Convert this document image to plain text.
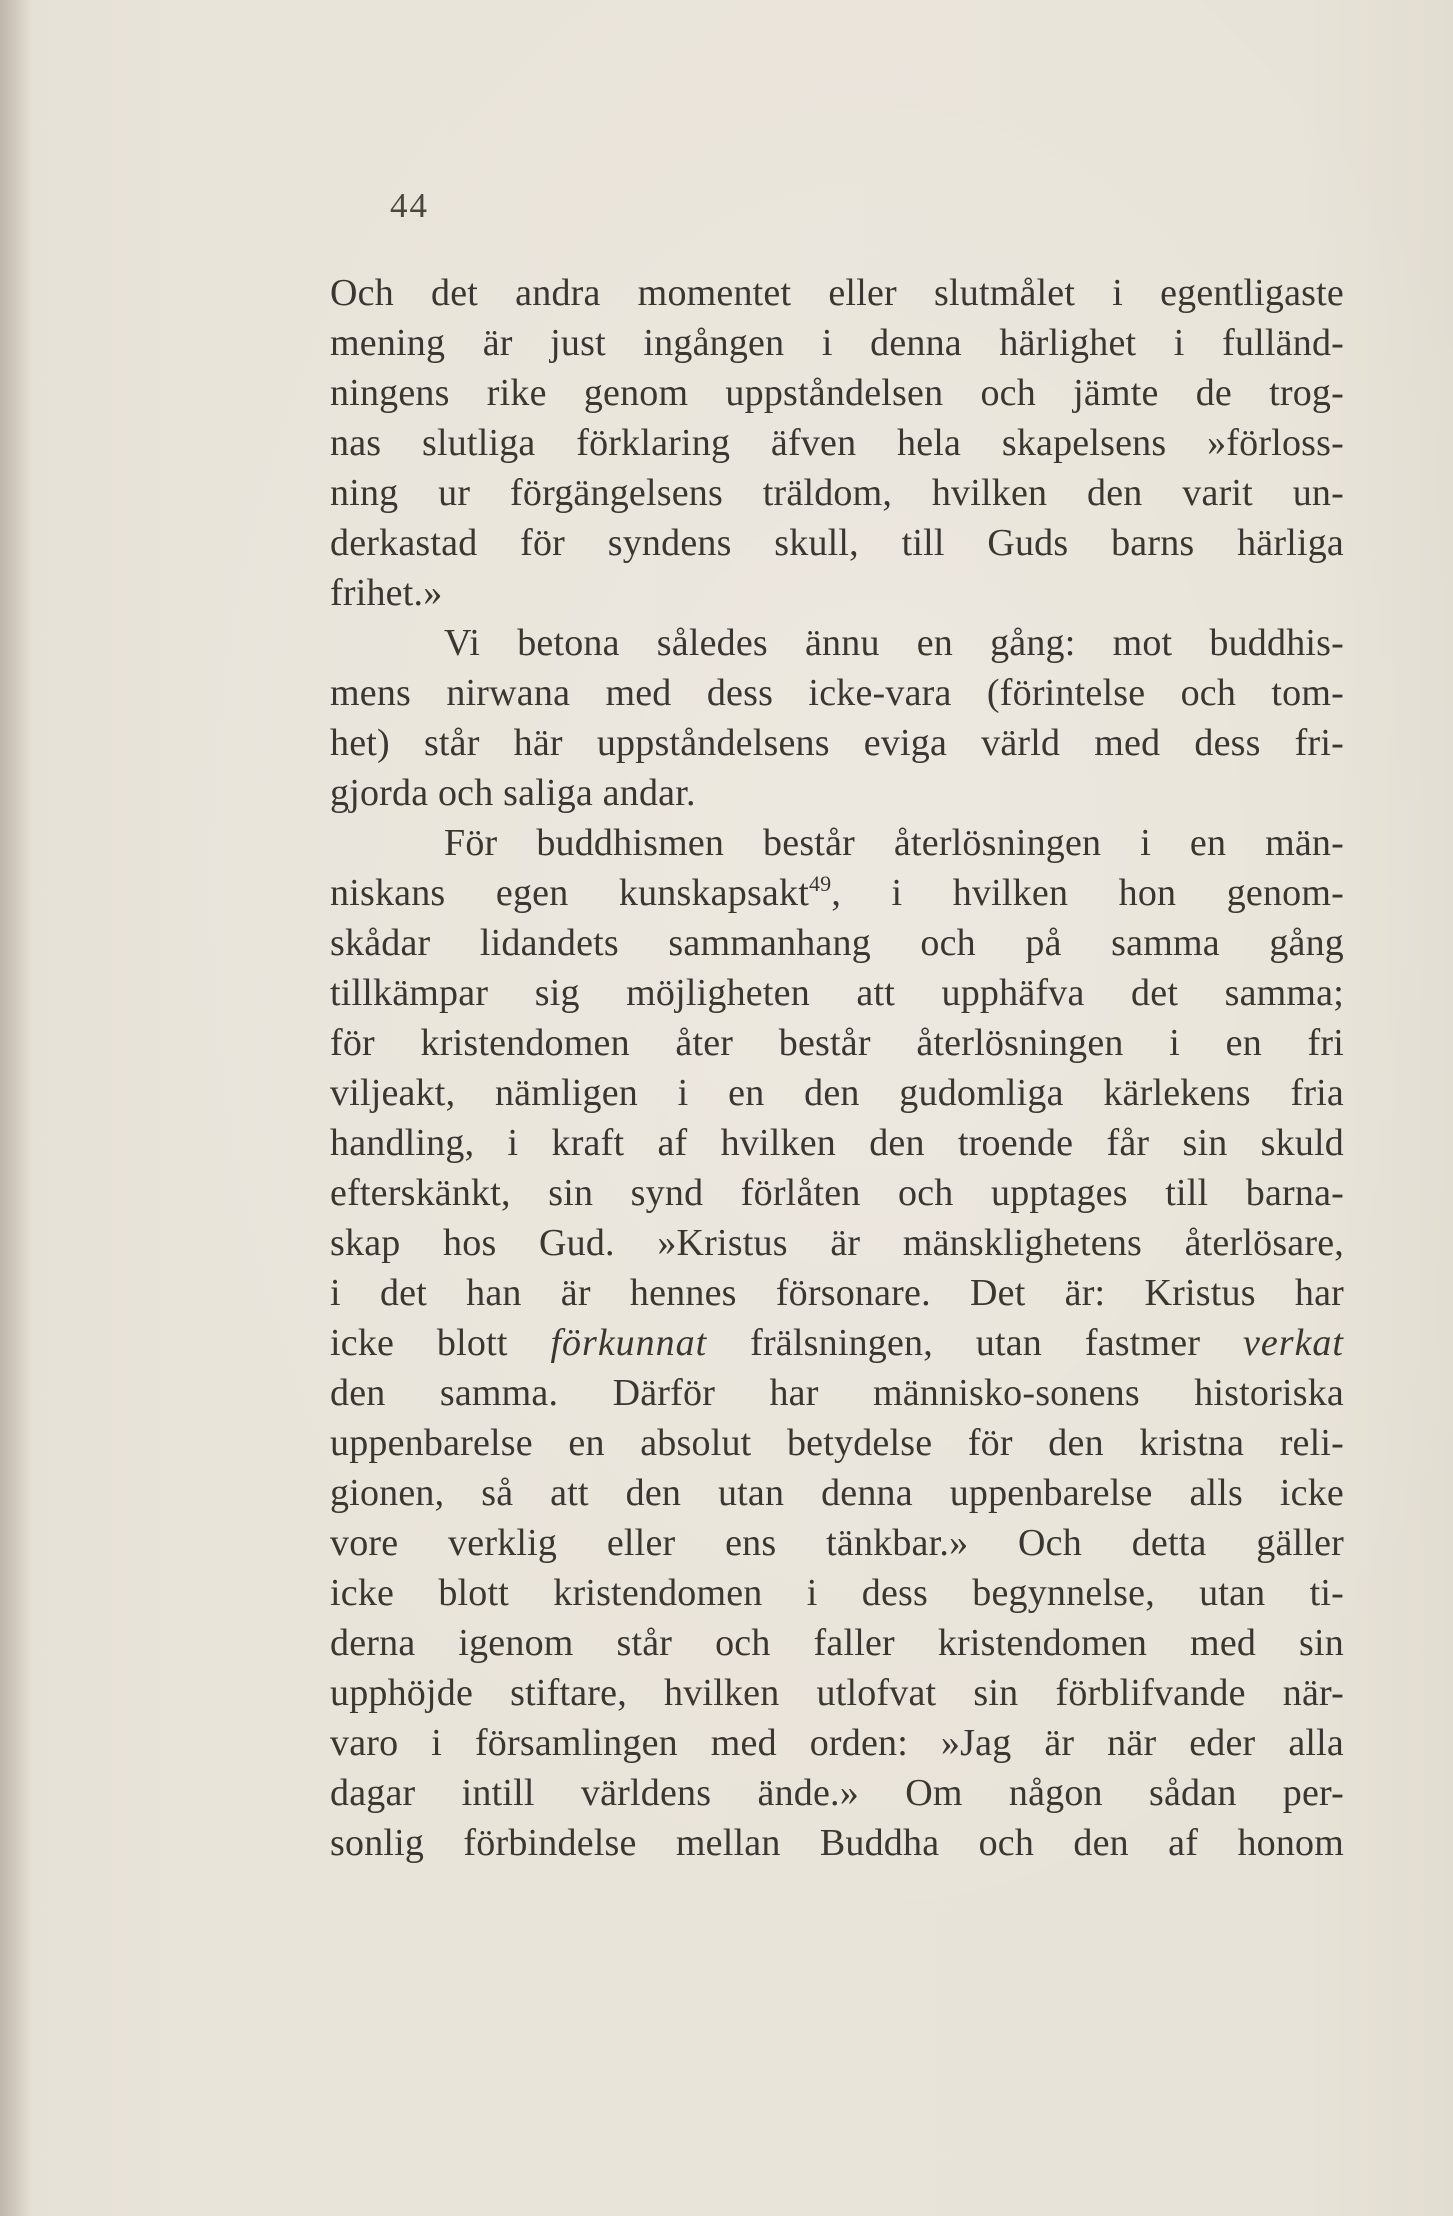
44
Och det andra momentet eller slutmålet i egentligaste
mening är just ingången i denna härlighet i fulländ-
ningens rike genom uppståndelsen och jämte de trog-
nas slutliga förklaring äfven hela skapelsens »förloss-
ning ur förgängelsens träldom, hvilken den varit un-
derkastad för syndens skull, till Guds barns härliga
frihet.»
Vi betona således ännu en gång: mot buddhis-
mens nirwana med dess icke-vara (förintelse och tom-
het) står här uppståndelsens eviga värld med dess fri-
gjorda och saliga andar.
För buddhismen består återlösningen i en män-
niskans egen kunskapsakt$^{49}$, i hvilken hon genom-
skådar lidandets sammanhang och på samma gång
tillkämpar sig möjligheten att upphäfva det samma;
för kristendomen åter består återlösningen i en fri
viljeakt, nämligen i en den gudomliga kärlekens fria
handling, i kraft af hvilken den troende får sin skuld
efterskänkt, sin synd förlåten och upptages till barna-
skap hos Gud. »Kristus är mänsklighetens återlösare,
i det han är hennes försonare. Det är: Kristus har
icke blott förkunnat frälsningen, utan fastmer verkat
den samma. Därför har människo-sonens historiska
uppenbarelse en absolut betydelse för den kristna reli-
gionen, så att den utan denna uppenbarelse alls icke
vore verklig eller ens tänkbar.» Och detta gäller
icke blott kristendomen i dess begynnelse, utan ti-
derna igenom står och faller kristendomen med sin
upphöjde stiftare, hvilken utlofvat sin förblifvande när-
varo i församlingen med orden: »Jag är när eder alla
dagar intill världens ände.» Om någon sådan per-
sonlig förbindelse mellan Buddha och den af honom
